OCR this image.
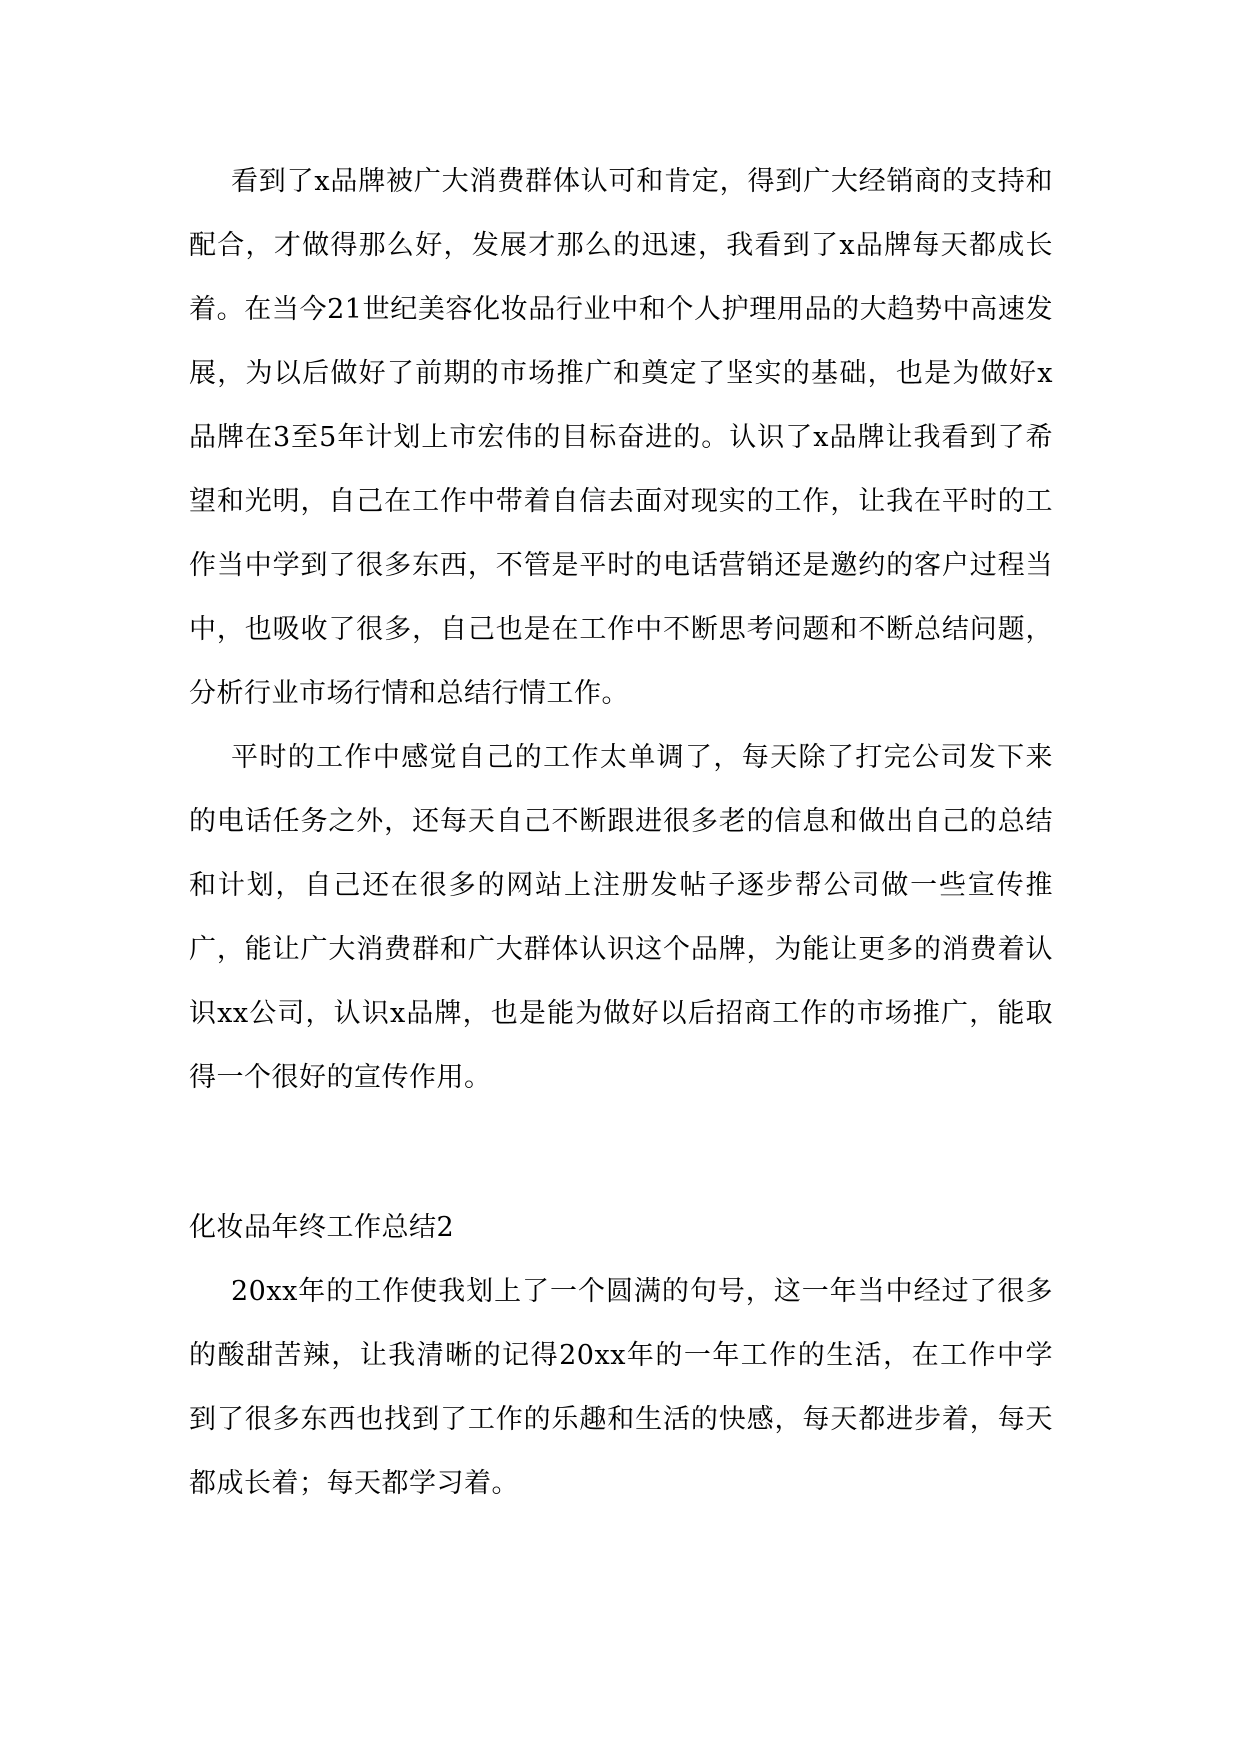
看到了x品牌被广大消费群体认可和肯定，得到广大经销商的支持和配合，才做得那么好，发展才那么的迅速，我看到了x品牌每天都成长着。在当今21世纪美容化妆品行业中和个人护理用品的大趋势中高速发展，为以后做好了前期的市场推广和奠定了坚实的基础，也是为做好x品牌在3至5年计划上市宏伟的目标奋进的。认识了x品牌让我看到了希望和光明，自己在工作中带着自信去面对现实的工作，让我在平时的工作当中学到了很多东西，不管是平时的电话营销还是邀约的客户过程当中，也吸收了很多，自己也是在工作中不断思考问题和不断总结问题，分析行业市场行情和总结行情工作。

平时的工作中感觉自己的工作太单调了，每天除了打完公司发下来的电话任务之外，还每天自己不断跟进很多老的信息和做出自己的总结和计划，自己还在很多的网站上注册发帖子逐步帮公司做一些宣传推广，能让广大消费群和广大群体认识这个品牌，为能让更多的消费着认识xx公司，认识x品牌，也是能为做好以后招商工作的市场推广，能取得一个很好的宣传作用。

化妆品年终工作总结2

20xx年的工作使我划上了一个圆满的句号，这一年当中经过了很多的酸甜苦辣，让我清晰的记得20xx年的一年工作的生活，在工作中学到了很多东西也找到了工作的乐趣和生活的快感，每天都进步着，每天都成长着；每天都学习着。
